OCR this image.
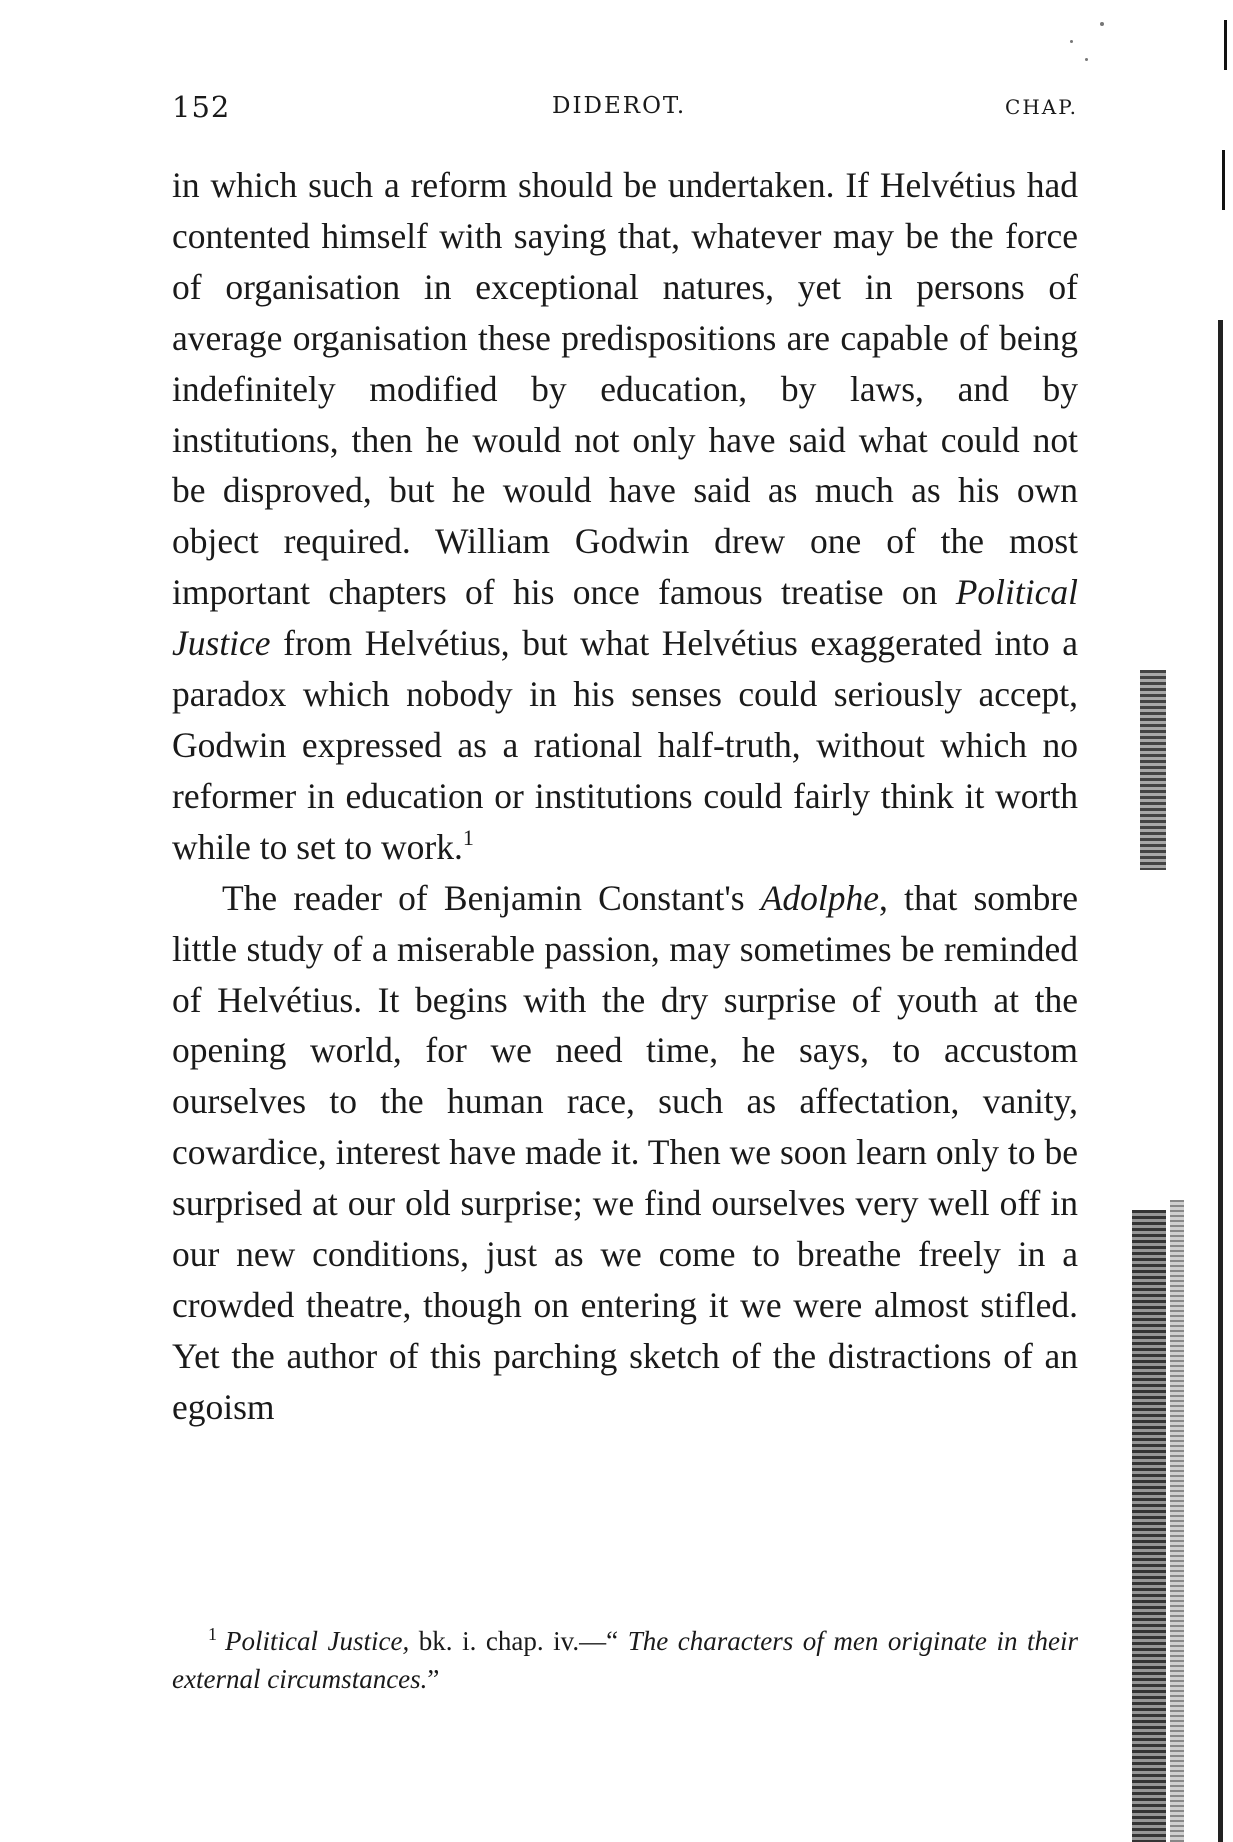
152	DIDEROT.	CHAP.

in which such a reform should be undertaken. If Helvétius had contented himself with saying that, whatever may be the force of organisation in exceptional natures, yet in persons of average organisation these predispositions are capable of being indefinitely modified by education, by laws, and by institutions, then he would not only have said what could not be disproved, but he would have said as much as his own object required. William Godwin drew one of the most important chapters of his once famous treatise on Political Justice from Helvétius, but what Helvétius exaggerated into a paradox which nobody in his senses could seriously accept, Godwin expressed as a rational half-truth, without which no reformer in education or institutions could fairly think it worth while to set to work.$^1$

The reader of Benjamin Constant's Adolphe, that sombre little study of a miserable passion, may sometimes be reminded of Helvétius. It begins with the dry surprise of youth at the opening world, for we need time, he says, to accustom ourselves to the human race, such as affectation, vanity, cowardice, interest have made it. Then we soon learn only to be surprised at our old surprise; we find ourselves very well off in our new conditions, just as we come to breathe freely in a crowded theatre, though on entering it we were almost stifled. Yet the author of this parching sketch of the distractions of an egoism

$^1$ Political Justice, bk. i. chap. iv.—“ The characters of men originate in their external circumstances.”
